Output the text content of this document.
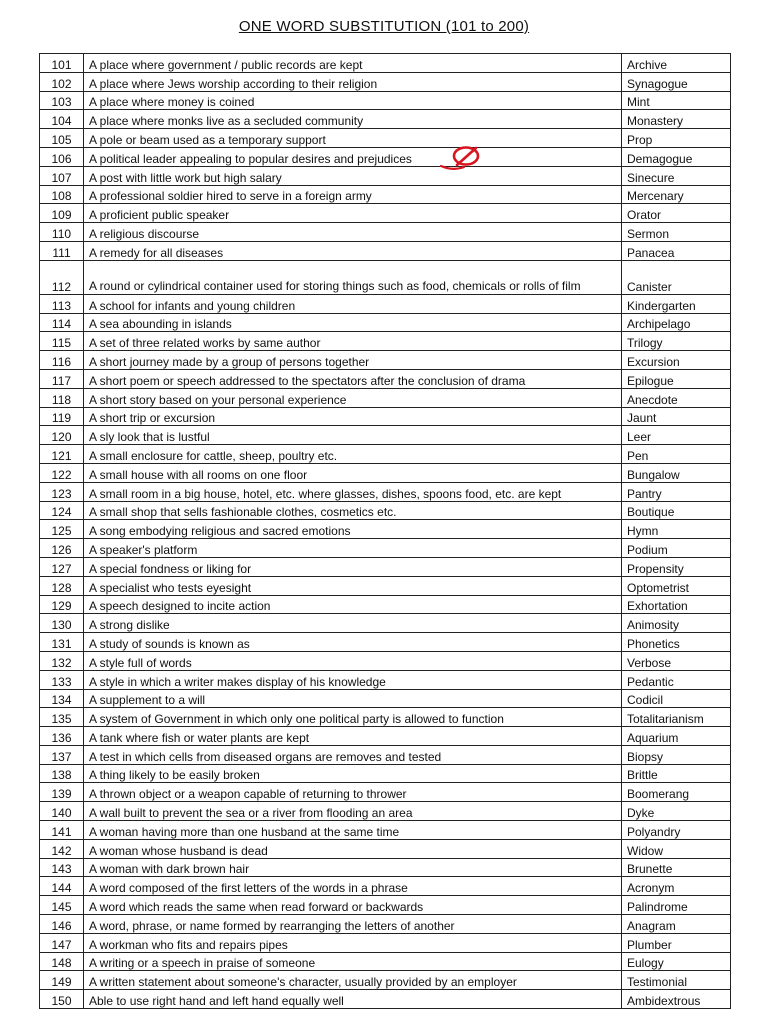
ONE WORD SUBSTITUTION (101 to 200)
101	A place where government / public records are kept	Archive
102	A place where Jews worship according to their religion	Synagogue
103	A place where money is coined	Mint
104	A place where monks live as a secluded community	Monastery
105	A pole or beam used as a temporary support	Prop
106	A political leader appealing to popular desires and prejudices	Demagogue
107	A post with little work but high salary	Sinecure
108	A professional soldier hired to serve in a foreign army	Mercenary
109	A proficient public speaker	Orator
110	A religious discourse	Sermon
111	A remedy for all diseases	Panacea
112	A round or cylindrical container used for storing things such as food, chemicals or rolls of film	Canister
113	A school for infants and young children	Kindergarten
114	A sea abounding in islands	Archipelago
115	A set of three related works by same author	Trilogy
116	A short journey made by a group of persons together	Excursion
117	A short poem or speech addressed to the spectators after the conclusion of drama	Epilogue
118	A short story based on your personal experience	Anecdote
119	A short trip or excursion	Jaunt
120	A sly look that is lustful	Leer
121	A small enclosure for cattle, sheep, poultry etc.	Pen
122	A small house with all rooms on one floor	Bungalow
123	A small room in a big house, hotel, etc. where glasses, dishes, spoons food, etc. are kept	Pantry
124	A small shop that sells fashionable clothes, cosmetics etc.	Boutique
125	A song embodying religious and sacred emotions	Hymn
126	A speaker's platform	Podium
127	A special fondness or liking for	Propensity
128	A specialist who tests eyesight	Optometrist
129	A speech designed to incite action	Exhortation
130	A strong dislike	Animosity
131	A study of sounds is known as	Phonetics
132	A style full of words	Verbose
133	A style in which a writer makes display of his knowledge	Pedantic
134	A supplement to a will	Codicil
135	A system of Government in which only one political party is allowed to function	Totalitarianism
136	A tank where fish or water plants are kept	Aquarium
137	A test in which cells from diseased organs are removes and tested	Biopsy
138	A thing likely to be easily broken	Brittle
139	A thrown object or a weapon capable of returning to thrower	Boomerang
140	A wall built to prevent the sea or a river from flooding an area	Dyke
141	A woman having more than one husband at the same time	Polyandry
142	A woman whose husband is dead	Widow
143	A woman with dark brown hair	Brunette
144	A word composed of the first letters of the words in a phrase	Acronym
145	A word which reads the same when read forward or backwards	Palindrome
146	A word, phrase, or name formed by rearranging the letters of another	Anagram
147	A workman who fits and repairs pipes	Plumber
148	A writing or a speech in praise of someone	Eulogy
149	A written statement about someone's character, usually provided by an employer	Testimonial
150	Able to use right hand and left hand equally well	Ambidextrous
